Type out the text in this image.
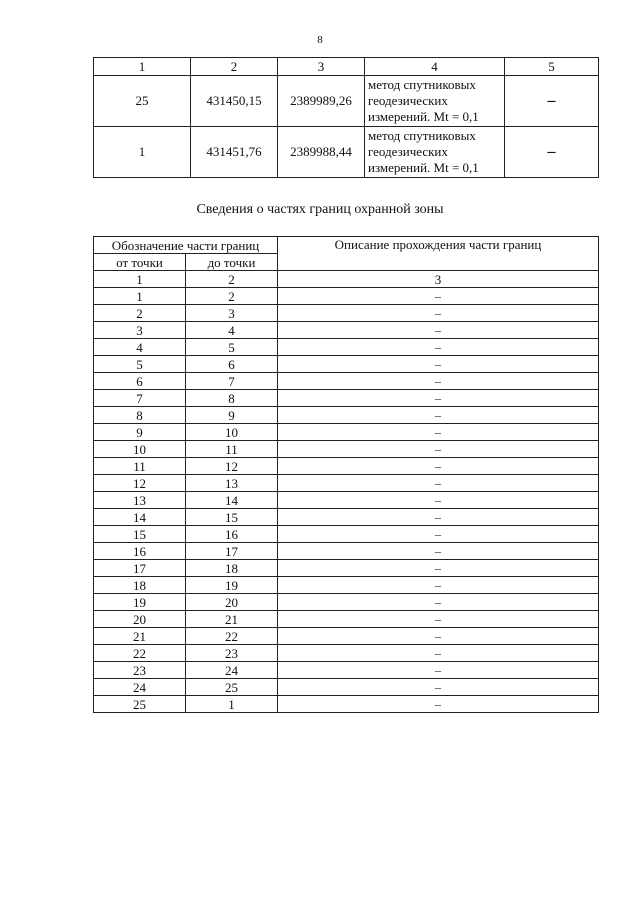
8
1	2	3	4	5
25	431450,15	2389989,26	метод спутниковых
геодезических
измерений. Mt = 0,1	–
1	431451,76	2389988,44	метод спутниковых
геодезических
измерений. Mt = 0,1	–
Сведения о частях границ охранной зоны
Обозначение части границ		Описание прохождения части границ
от точки	до точки	
1	2	3
1	2	–
2	3	–
3	4	–
4	5	–
5	6	–
6	7	–
7	8	–
8	9	–
9	10	–
10	11	–
11	12	–
12	13	–
13	14	–
14	15	–
15	16	–
16	17	–
17	18	–
18	19	–
19	20	–
20	21	–
21	22	–
22	23	–
23	24	–
24	25	–
25	1	–
